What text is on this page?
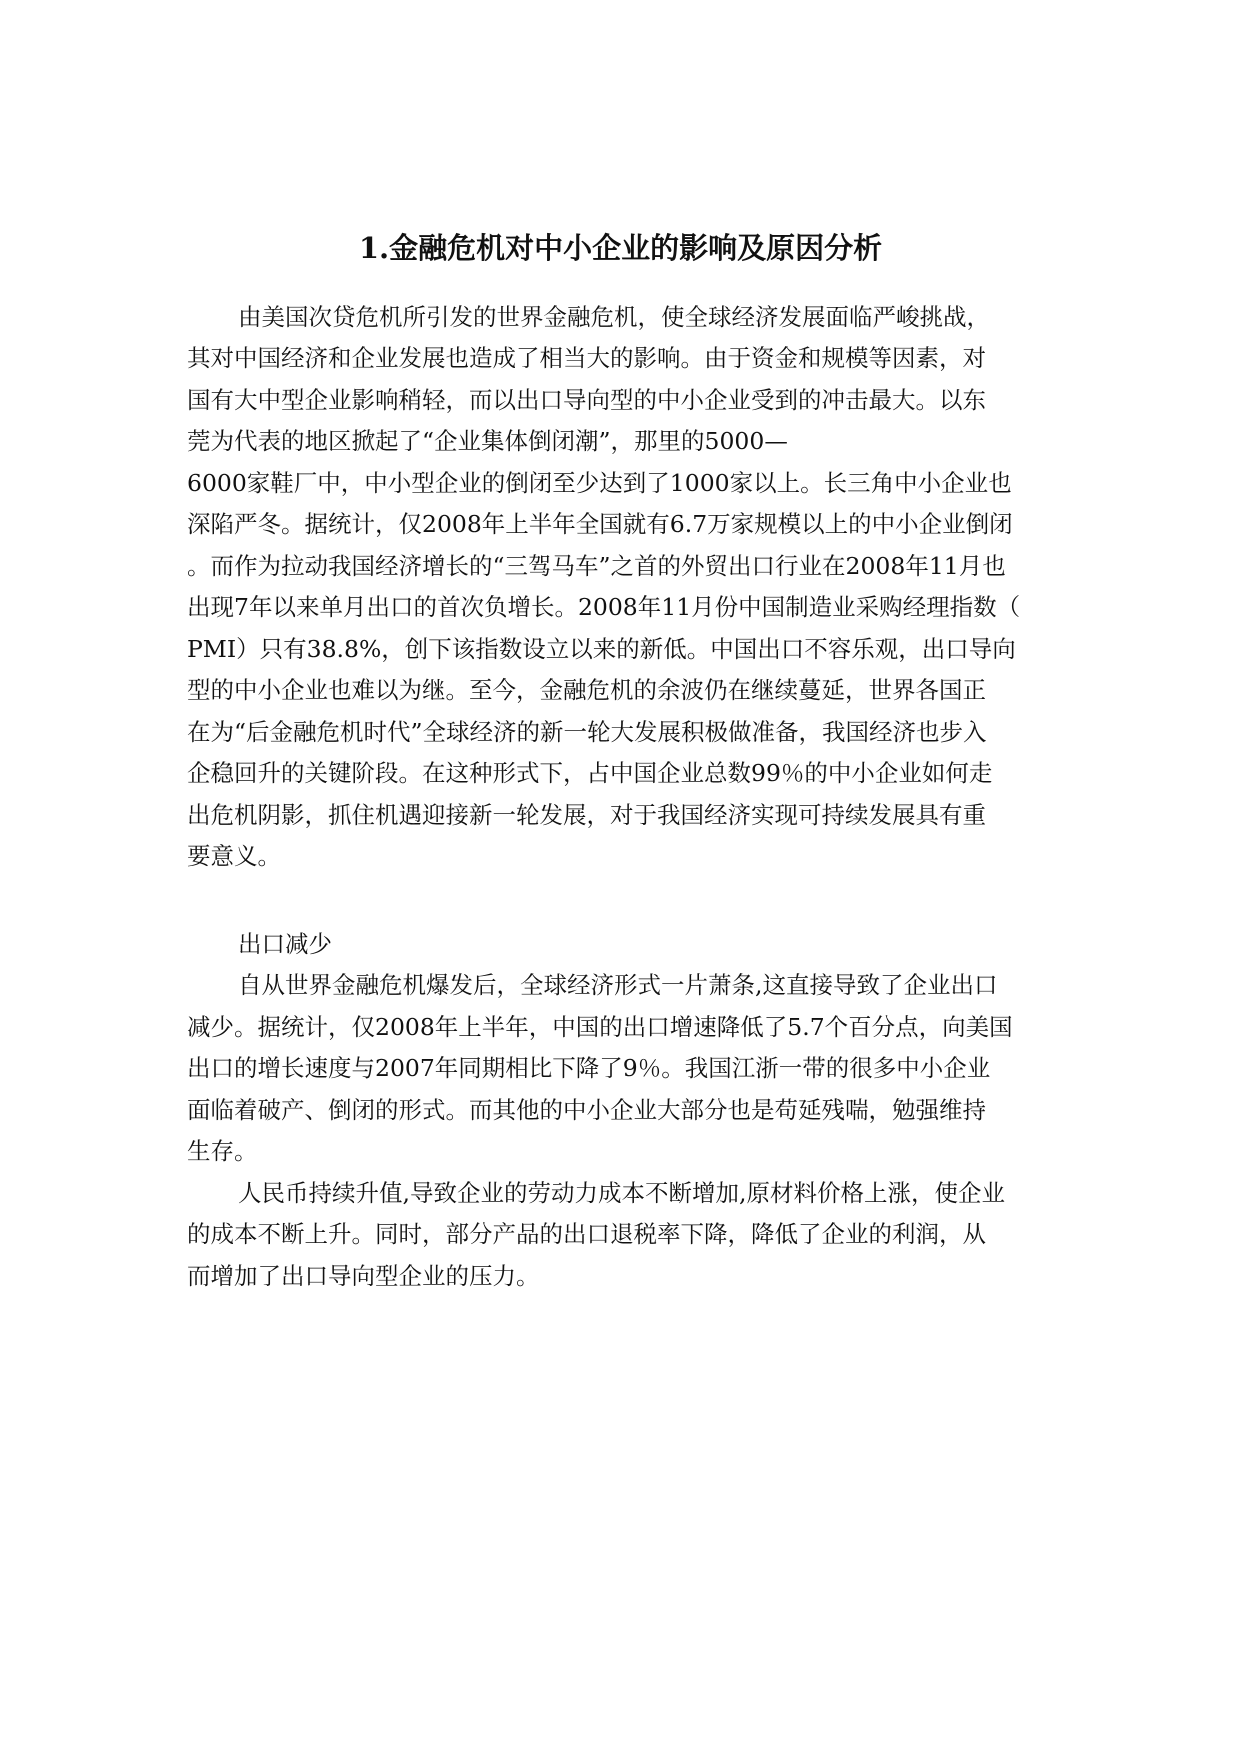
1.金融危机对中小企业的影响及原因分析
由美国次贷危机所引发的世界金融危机，使全球经济发展面临严峻挑战，
其对中国经济和企业发展也造成了相当大的影响。由于资金和规模等因素，对
国有大中型企业影响稍轻，而以出口导向型的中小企业受到的冲击最大。以东
莞为代表的地区掀起了“企业集体倒闭潮”，那里的5000—
6000家鞋厂中，中小型企业的倒闭至少达到了1000家以上。长三角中小企业也
深陷严冬。据统计，仅2008年上半年全国就有6.7万家规模以上的中小企业倒闭
。而作为拉动我国经济增长的“三驾马车”之首的外贸出口行业在2008年11月也
出现7年以来单月出口的首次负增长。2008年11月份中国制造业采购经理指数（
PMI）只有38.8%，创下该指数设立以来的新低。中国出口不容乐观，出口导向
型的中小企业也难以为继。至今，金融危机的余波仍在继续蔓延，世界各国正
在为“后金融危机时代”全球经济的新一轮大发展积极做准备，我国经济也步入
企稳回升的关键阶段。在这种形式下，占中国企业总数99％的中小企业如何走
出危机阴影，抓住机遇迎接新一轮发展，对于我国经济实现可持续发展具有重
要意义。
出口减少
自从世界金融危机爆发后，全球经济形式一片萧条,这直接导致了企业出口
减少。据统计，仅2008年上半年，中国的出口增速降低了5.7个百分点，向美国
出口的增长速度与2007年同期相比下降了9％。我国江浙一带的很多中小企业
面临着破产、倒闭的形式。而其他的中小企业大部分也是苟延残喘，勉强维持
生存。
人民币持续升值,导致企业的劳动力成本不断增加,原材料价格上涨，使企业
的成本不断上升。同时，部分产品的出口退税率下降，降低了企业的利润，从
而增加了出口导向型企业的压力。
